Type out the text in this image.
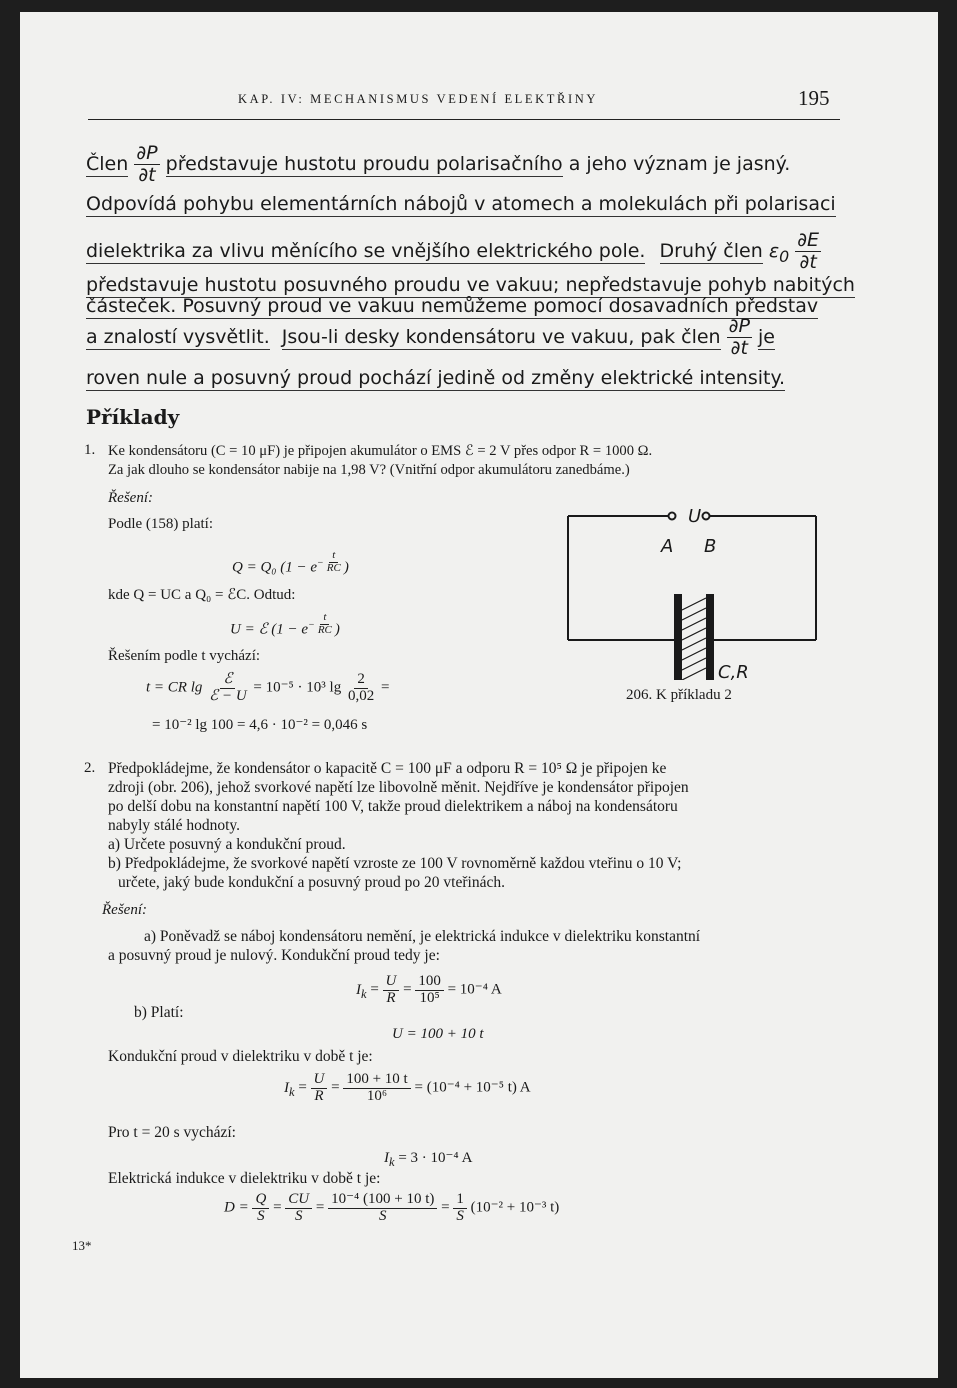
KAP. IV: MECHANISMUS VEDENÍ ELEKTŘINY	195
Člen $\frac{\partial P}{\partial t}$ představuje hustotu proudu polarisačního a jeho význam je jasný.
Odpovídá pohybu elementárních nábojů v atomech a molekulách při polarisaci
dielektrika za vlivu měnícího se vnějšího elektrického pole. Druhý člen $\varepsilon_0 \frac{\partial E}{\partial t}$
představuje hustotu posuvného proudu ve vakuu; nepředstavuje pohyb nabitých
částeček. Posuvný proud ve vakuu nemůžeme pomocí dosavadních představ
a znalostí vysvětlit. Jsou-li desky kondensátoru ve vakuu, pak člen $\frac{\partial P}{\partial t}$ je
roven nule a posuvný proud pochází jedině od změny elektrické intensity.
Příklady
1. Ke kondensátoru (C = 10 μF) je připojen akumulátor o EMS ℰ = 2 V přes odpor R = 1000 Ω.
Za jak dlouho se kondensátor nabije na 1,98 V? (Vnitřní odpor akumulátoru zanedbáme.)
Řešení:
Podle (158) platí:
Q = Q₀ ($1 - e^- \frac{t}{RC}$ )
kde Q = UC a Q₀ = ℰC. Odtud:
U = ℰ ($1 - e^- \frac{t}{RC}$ )
Řešením podle t vychází:
t = CR lg
ℰ
ℰ − U
= 10⁻⁵ · 10³ $\lg \frac{2}{0,02}$ =
= 10⁻² lg 100 = 4,6 · 10⁻² = 0,046 s
U
A B
C,R
206. K příkladu 2
2. Předpokládejme, že kondensátor o kapacitě C = 100 μF a odporu R = 10⁵ Ω je připojen ke
zdroji (obr. 206), jehož svorkové napětí lze libovolně měnit. Nejdříve je kondensátor připojen
po delší dobu na konstantní napětí 100 V, takže proud dielektrikem a náboj na kondensátoru
nabyly stálé hodnoty.
a) Určete posuvný a kondukční proud.
b) Předpokládejme, že svorkové napětí vzroste ze 100 V rovnoměrně každou vteřinu o 10 V;
určete, jaký bude kondukční a posuvný proud po 20 vteřinách.
Řešení:
a) Poněvadž se náboj kondensátoru nemění, je elektrická indukce v dielektriku konstantní
a posuvný proud je nulový. Kondukční proud tedy je:
$I_k = \frac{U}{R} = \frac{100}{\text{10⁵}} = 10^{-4}$ A
b) Platí:
U = 100 + 10 t
Kondukční proud v dielektriku v době t je:
$I_k = \frac{U}{R} = \frac{100 + 10 t}{\text{10⁶}} = (10^{-4} + 10^{-5}$ t) A
Pro t = 20 s vychází:
$I_k = 3 \cdot 10^{-4}$ A
Elektrická indukce v dielektriku v době t je:
$D = \frac{Q}{S} = \frac{CU}{S} = \frac{\text{10⁻⁴ (100 + 10 t)}}{S} = \frac{1}{S} (10^{-2} + 10^{-3}$ t)
13*
